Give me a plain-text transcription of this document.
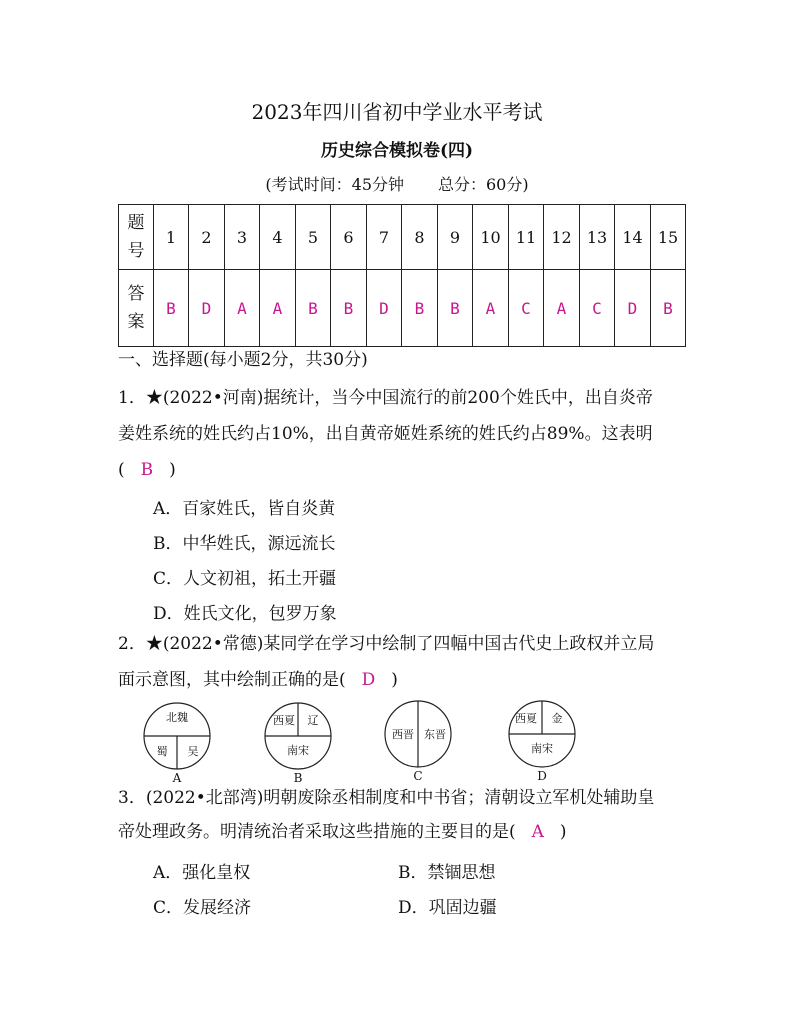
2023年四川省初中学业水平考试
历史综合模拟卷(四)
(考试时间：45分钟 总分：60分)
题
号	1	2	3	4	5	6	7	8	9	10	11	12	13	14	15
答
案	B	D	A	A	B	B	D	B	B	A	C	A	C	D	B
一、选择题(每小题2分，共30分)
1．★(2022•河南)据统计，当今中国流行的前200个姓氏中，出自炎帝
姜姓系统的姓氏约占10%，出自黄帝姬姓系统的姓氏约占89%。这表明
( B )
A．百家姓氏，皆自炎黄
B．中华姓氏，源远流长
C．人文初祖，拓土开疆
D．姓氏文化，包罗万象
2．★(2022•常德)某同学在学习中绘制了四幅中国古代史上政权并立局
面示意图，其中绘制正确的是( D )
北魏
蜀 吴
西夏 辽
南宋
西晋 东晋
西夏 金
南宋
A	B	C	D
3．(2022•北部湾)明朝废除丞相制度和中书省；清朝设立军机处辅助皇
帝处理政务。明清统治者采取这些措施的主要目的是( A )
A．强化皇权	B．禁锢思想
C．发展经济	D．巩固边疆
